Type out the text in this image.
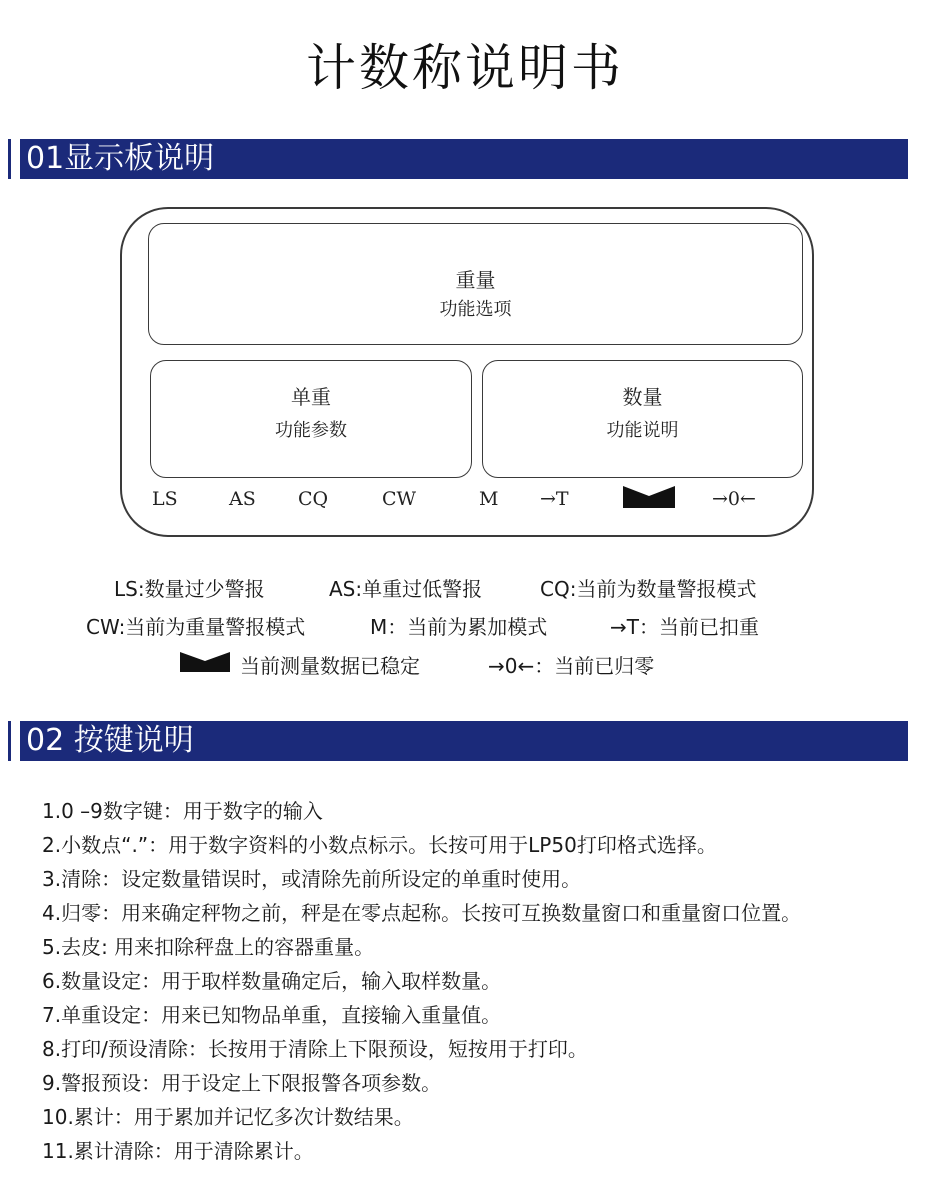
计数称说明书
01显示板说明
重量
功能选项
单重
功能参数
数量
功能说明
LS	AS CQ	CW	M →T	→0←
LS:数量过少警报	AS:单重过低警报	CQ:当前为数量警报模式
CW:当前为重量警报模式	M：当前为累加模式	→T：当前已扣重
当前测量数据已稳定	→0←：当前已归零
02 按键说明
1.0 –9数字键：用于数字的输入
2.小数点“.”：用于数字资料的小数点标示。长按可用于LP50打印格式选择。
3.清除：设定数量错误时，或清除先前所设定的单重时使用。
4.归零：用来确定秤物之前，秤是在零点起称。长按可互换数量窗口和重量窗口位置。
5.去皮: 用来扣除秤盘上的容器重量。
6.数量设定：用于取样数量确定后，输入取样数量。
7.单重设定：用来已知物品单重，直接输入重量值。
8.打印/预设清除：长按用于清除上下限预设，短按用于打印。
9.警报预设：用于设定上下限报警各项参数。
10.累计：用于累加并记忆多次计数结果。
11.累计清除：用于清除累计。
